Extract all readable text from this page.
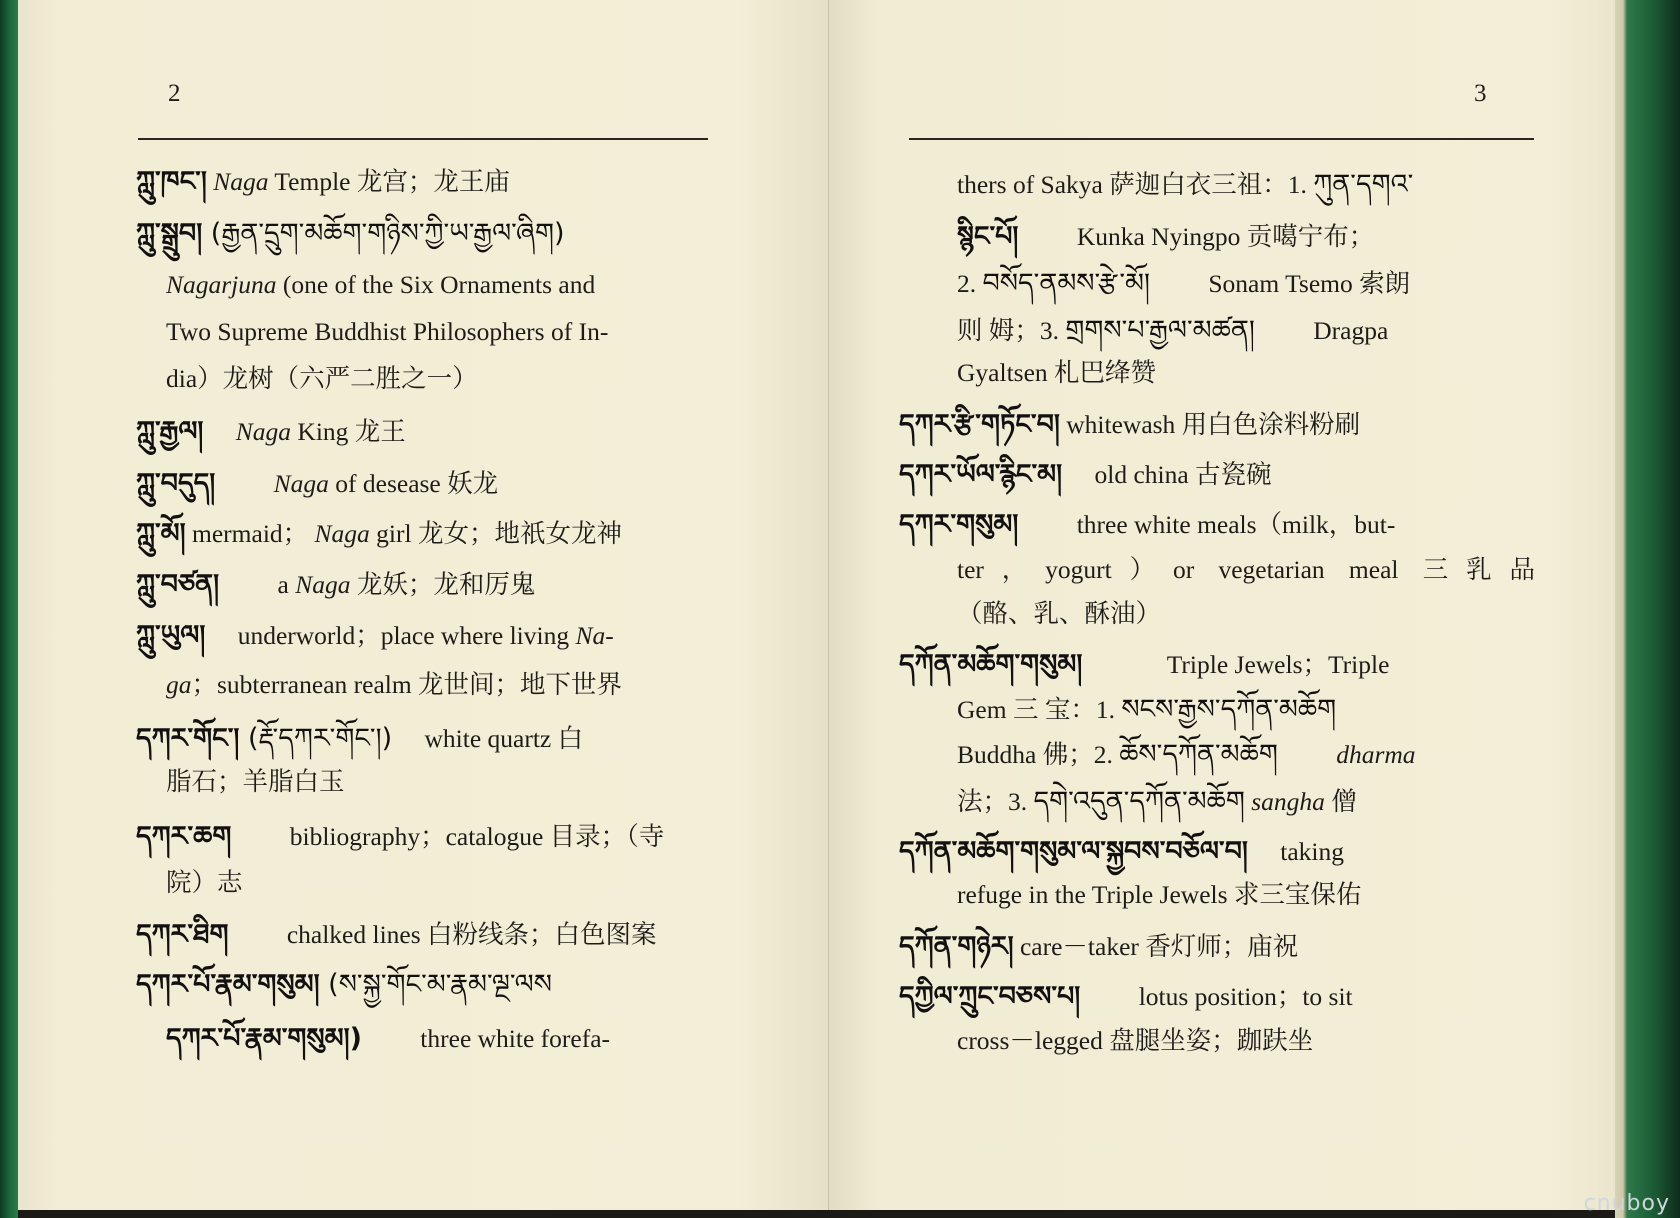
2
ཀླུ་ཁང་། Naga Temple 龙宫；龙王庙
ཀླུ་སྒྲུབ། (རྒྱན་དྲུག་མཆོག་གཉིས་ཀྱི་ཡ་རྒྱལ་ཞིག)
Nagarjuna (one of the Six Ornaments and
Two Supreme Buddhist Philosophers of In-
dia）龙树（六严二胜之一）
ཀླུ་རྒྱལ། Naga King 龙王
ཀླུ་བདུད། Naga of desease 妖龙
ཀླུ་མོ། mermaid； Naga girl 龙女；地祇女龙神
ཀླུ་བཙན། a Naga 龙妖；龙和厉鬼
ཀླུ་ཡུལ། underworld；place where living Na-
ga；subterranean realm 龙世间；地下世界
དཀར་གོང་། (རྡོ་དཀར་གོང་།) white quartz 白
脂石；羊脂白玉
དཀར་ཆག bibliography；catalogue 目录；（寺
院）志
དཀར་ཐིག chalked lines 白粉线条；白色图案
དཀར་པོ་རྣམ་གསུམ། (ས་སྐྱ་གོང་མ་རྣམ་ལྔ་ལས
དཀར་པོ་རྣམ་གསུམ།) three white forefa-
3
thers of Sakya 萨迦白衣三祖：1. ཀུན་དགའ་
སྙིང་པོ། Kunka Nyingpo 贡噶宁布；
2. བསོད་ནམས་རྩེ་མོ། Sonam Tsemo 索朗
则 姆；3. གྲགས་པ་རྒྱལ་མཚན། Dragpa
Gyaltsen 札巴绛赞
དཀར་རྩི་གཏོང་བ། whitewash 用白色涂料粉刷
དཀར་ཡོལ་རྙིང་མ། old china 古瓷碗
དཀར་གསུམ། three white meals（milk，but-
ter，yogurt）or vegetarian meal 三乳品
（酪、乳、酥油）
དཀོན་མཆོག་གསུམ།	Triple Jewels；Triple
Gem 三 宝：1. སངས་རྒྱས་དཀོན་མཆོག
Buddha 佛；2. ཆོས་དཀོན་མཆོག dharma
法；3. དགེ་འདུན་དཀོན་མཆོག sangha 僧
དཀོན་མཆོག་གསུམ་ལ་སྐྱབས་བཅོལ་བ། taking
refuge in the Triple Jewels 求三宝保佑
དཀོན་གཉེར། care－taker 香灯师；庙祝
དཀྱིལ་ཀྲུང་བཅས་པ། lotus position；to sit
cross－legged 盘腿坐姿；跏趺坐
cnuboy
